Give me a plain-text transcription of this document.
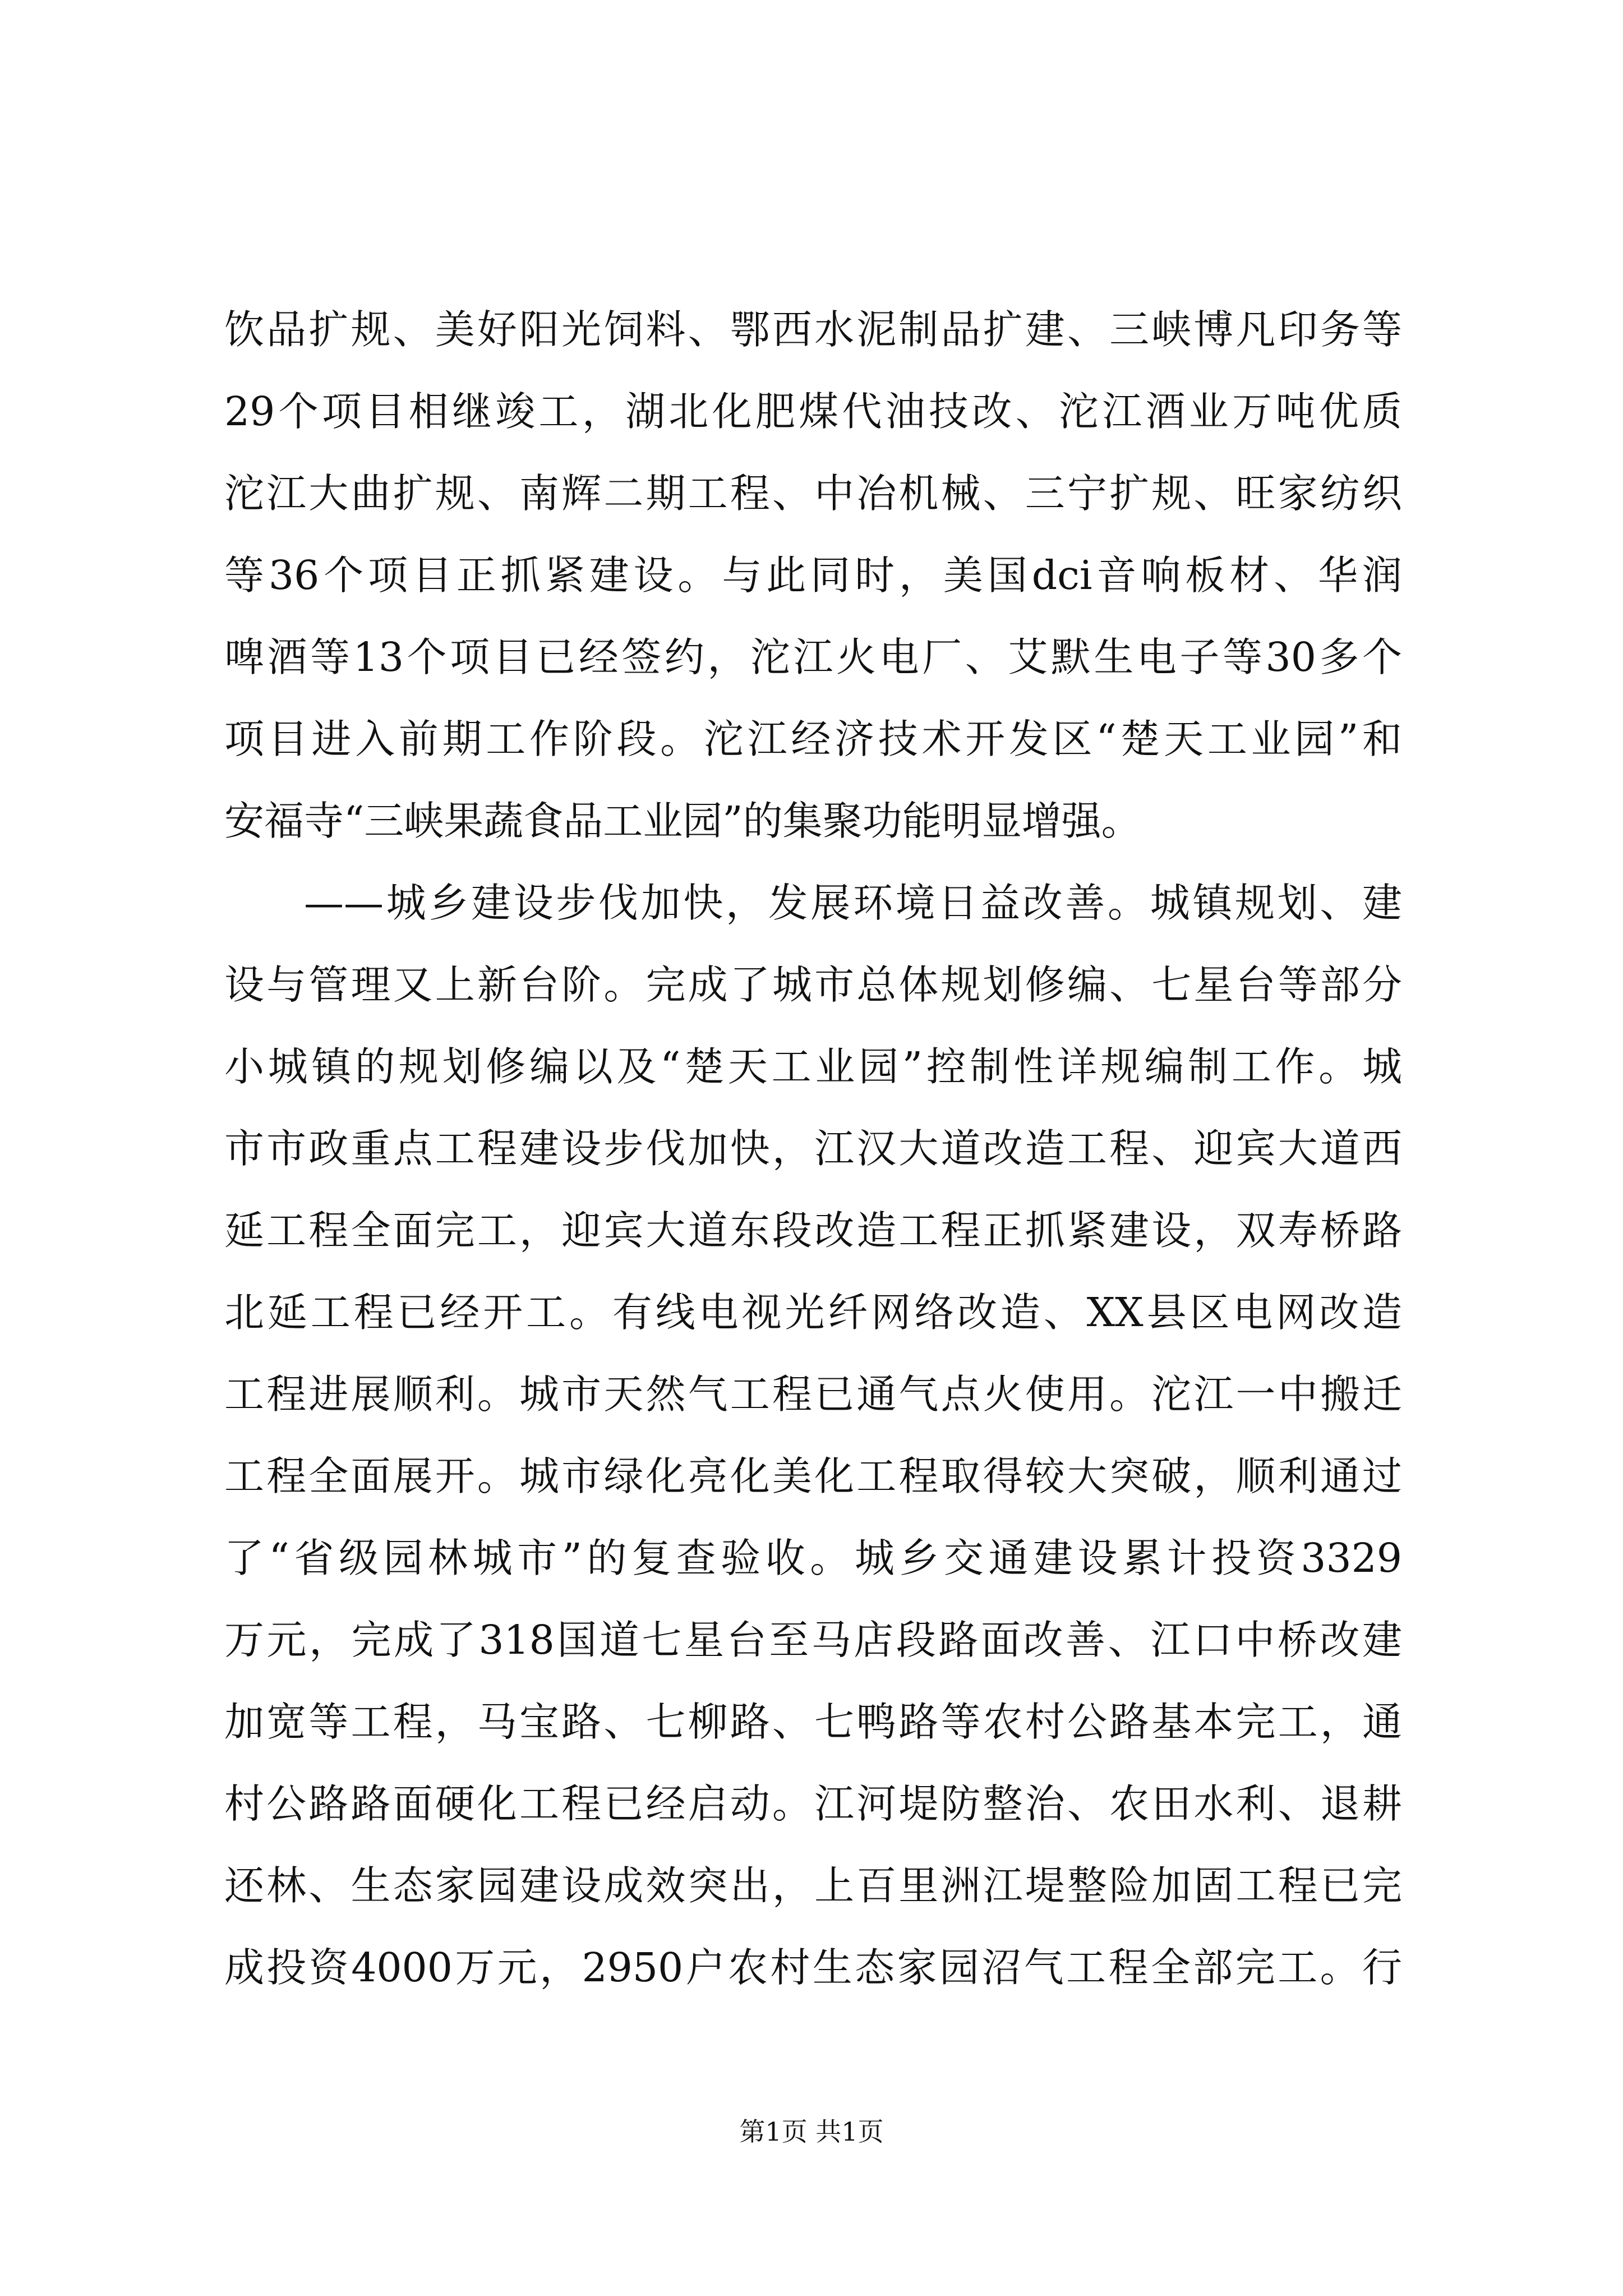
饮品扩规、美好阳光饲料、鄂西水泥制品扩建、三峡博凡印务等
29个项目相继竣工，湖北化肥煤代油技改、沱江酒业万吨优质
沱江大曲扩规、南辉二期工程、中冶机械、三宁扩规、旺家纺织
等36个项目正抓紧建设。与此同时，美国dci音响板材、华润
啤酒等13个项目已经签约，沱江火电厂、艾默生电子等30多个
项目进入前期工作阶段。沱江经济技术开发区“楚天工业园”和
安福寺“三峡果蔬食品工业园”的集聚功能明显增强。
——城乡建设步伐加快，发展环境日益改善。城镇规划、建
设与管理又上新台阶。完成了城市总体规划修编、七星台等部分
小城镇的规划修编以及“楚天工业园”控制性详规编制工作。城
市市政重点工程建设步伐加快，江汉大道改造工程、迎宾大道西
延工程全面完工，迎宾大道东段改造工程正抓紧建设，双寿桥路
北延工程已经开工。有线电视光纤网络改造、XX县区电网改造
工程进展顺利。城市天然气工程已通气点火使用。沱江一中搬迁
工程全面展开。城市绿化亮化美化工程取得较大突破，顺利通过
了“省级园林城市”的复查验收。城乡交通建设累计投资3329
万元，完成了318国道七星台至马店段路面改善、江口中桥改建
加宽等工程，马宝路、七柳路、七鸭路等农村公路基本完工，通
村公路路面硬化工程已经启动。江河堤防整治、农田水利、退耕
还林、生态家园建设成效突出，上百里洲江堤整险加固工程已完
成投资4000万元，2950户农村生态家园沼气工程全部完工。行
第1页 共1页
